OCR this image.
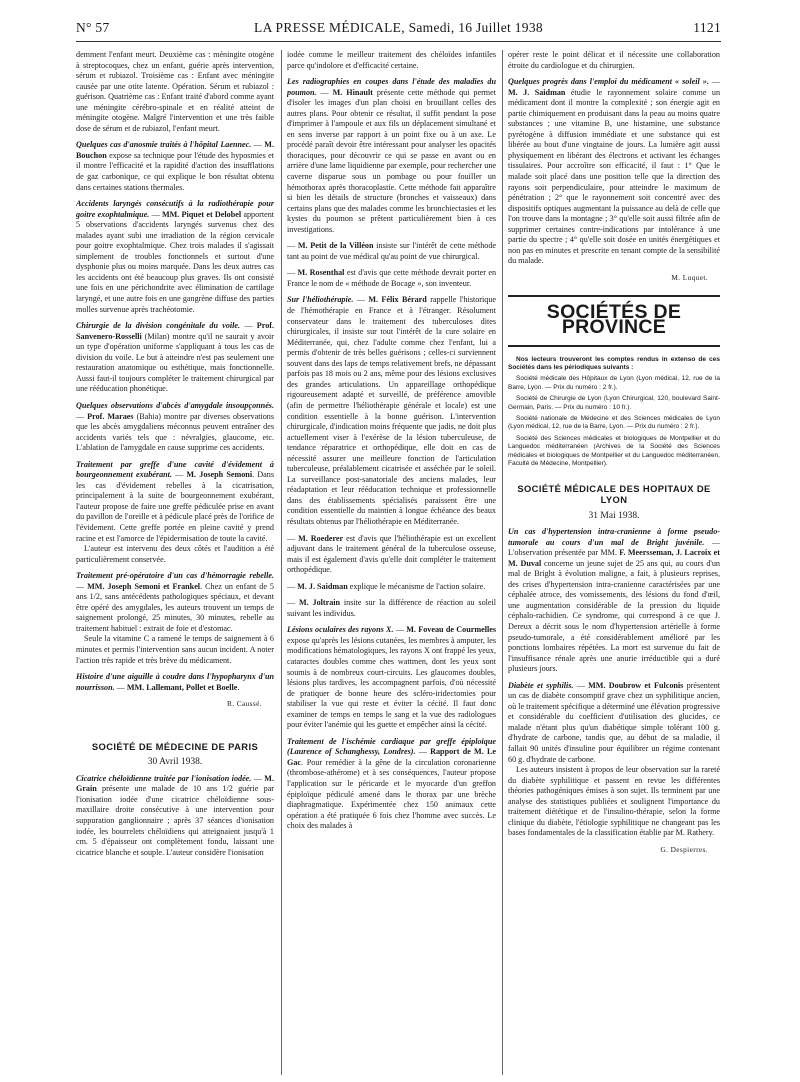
N° 57	LA PRESSE MÉDICALE, Samedi, 16 Juillet 1938	1121

demment l'enfant meurt. Deuxième cas : méningite otogène à streptocoques, chez un enfant, guérie après intervention, sérum et rubiazol. Troisième cas : Enfant avec méningite causée par une otite latente. Opération. Sérum et rubiazol : guérison. Quatrième cas : Enfant traité d'abord comme ayant une méningite cérébro-spinale et en réalité atteint de méningite otogène. Malgré l'intervention et une très faible dose de sérum et de rubiazol, l'enfant meurt.

Quelques cas d'anosmie traités à l'hôpital Laennec. — M. Bouchon expose sa technique pour l'étude des hyposmies et il montre l'efficacité et la rapidité d'action des insufflations de gaz carbonique, ce qui explique le bon résultat obtenu dans certaines stations thermales.

Accidents laryngés consécutifs à la radiothérapie pour goitre exophtalmique. — MM. Piquet et Delobel apportent 5 observations d'accidents laryngés survenus chez des malades ayant subi une irradiation de la région cervicale pour goitre exophtalmique. Chez trois malades il s'agissait simplement de troubles fonctionnels et surtout d'une dysphonie plus ou moins marquée. Dans les deux autres cas les accidents ont été beaucoup plus graves. Ils ont consisté une fois en une périchondrite avec élimination de cartilage laryngé, et une autre fois en une gangrène diffuse des parties molles survenue après trachéotomie.

Chirurgie de la division congénitale du voile. — Prof. Sanvenero-Rosselli (Milan) montre qu'il ne saurait y avoir un type d'opération uniforme s'appliquant à tous les cas de division du voile. Le but à atteindre n'est pas seulement une restauration anatomique ou esthétique, mais fonctionnelle. Aussi faut-il toujours compléter le traitement chirurgical par une rééducation phonétique.

Quelques observations d'abcès d'amygdale insoupçonnés. — Prof. Maraes (Bahia) montre par diverses observations que les abcès amygdaliens méconnus peuvent entraîner des accidents variés tels que : névralgies, glaucome, etc. L'ablation de l'amygdale en cause supprime ces accidents.

Traitement par greffe d'une cavité d'évidement à bourgeonnement exubérant. — M. Joseph Semoni. Dans les cas d'évidement rebelles à la cicatrisation, principalement à la suite de bourgeonnement exubérant, l'auteur propose de faire une greffe pédiculée prise en avant du pavillon de l'oreille et à pédicule placé près de l'orifice de l'évidement. Cette greffe portée en pleine cavité y prend racine et est l'amorce de l'épidermisation de toute la cavité.

L'auteur est intervenu des deux côtés et l'audition a été particulièrement conservée.

Traitement pré-opératoire d'un cas d'hémorragie rebelle. — MM. Joseph Semoni et Frankel. Chez un enfant de 5 ans 1/2, sans antécédents pathologiques spéciaux, et devant être opéré des amygdales, les auteurs trouvent un temps de saignement prolongé, 25 minutes, 30 minutes, rebelle au traitement habituel : extrait de foie et d'estomac.

Seule la vitamine C a ramené le temps de saignement à 6 minutes et permis l'intervention sans aucun incident. A noter l'action très rapide et très brève du médicament.

Histoire d'une aiguille à coudre dans l'hypopharynx d'un nourrisson. — MM. Lallemant, Pollet et Boelle.

R. Caussé.

SOCIÉTÉ DE MÉDECINE DE PARIS

30 Avril 1938.

Cicatrice chéloïdienne traitée par l'ionisation iodée. — M. Grain présente une malade de 10 ans 1/2 guérie par l'ionisation iodée d'une cicatrice chéloïdienne sous-maxillaire droite consécutive à une intervention pour suppuration ganglionnaire ; après 37 séances d'ionisation iodée, les bourrelets chéloïdiens qui atteignaient jusqu'à 1 cm. 5 d'épaisseur ont complètement fondu, laissant une cicatrice blanche et souple. L'auteur considère l'ionisation

iodée comme le meilleur traitement des chéloïdes infantiles parce qu'indolore et d'efficacité certaine.

Les radiographies en coupes dans l'étude des maladies du poumon. — M. Hinault présente cette méthode qui permet d'isoler les images d'un plan choisi en brouillant celles des autres plans. Pour obtenir ce résultat, il suffit pendant la pose d'imprimer à l'ampoule et aux fils un déplacement simultané et en sens inverse par rapport à un point fixe ou à un axe. Le procédé paraît devoir être intéressant pour analyser les opacités thoraciques, pour découvrir ce qui se passe en avant ou en arrière d'une lame liquidienne par exemple, pour rechercher une caverne disparue sous un pombage ou pour fouiller un hémothorax après thoracoplastie. Cette méthode fait apparaître si bien les détails de structure (bronches et vaisseaux) dans certains plans que des malades comme les bronchiectasies et les kystes du poumon se prêtent particulièrement bien à ces investigations.

— M. Petit de la Villéon insiste sur l'intérêt de cette méthode tant au point de vue médical qu'au point de vue chirurgical.

— M. Rosenthal est d'avis que cette méthode devrait porter en France le nom de « méthode de Bocage », son inventeur.

Sur l'héliothérapie. — M. Félix Bérard rappelle l'historique de l'hémothérapie en France et à l'étranger. Résolument conservateur dans le traitement des tuberculoses dites chirurgicales, il insiste sur tout l'intérêt de la cure solaire en Méditerranée, qui, chez l'adulte comme chez l'enfant, lui a permis d'obtenir de très belles guérisons ; celles-ci surviennent souvent dans des laps de temps relativement brefs, ne dépassant parfois pas 18 mois ou 2 ans, même pour des lésions exclusives des grandes articulations. Un appareillage orthopédique rigoureusement adapté et surveillé, de préférence amovible (afin de permettre l'héliothérapie générale et locale) est une condition essentielle à la bonne guérison. L'intervention chirurgicale, d'indication moins fréquente que jadis, ne doit plus actuellement viser à l'exérèse de la lésion tuberculeuse, de tendance réparatrice et orthopédique, elle doit en cas de nécessité assurer une meilleure fonction de l'articulation tuberculeuse, préalablement cicatrisée et asséchée par le soleil. La surveillance post-sanatoriale des anciens malades, leur réadaptation et leur rééducation technique et professionnelle dans des établissements spécialisés paraissent être une condition essentielle du maintien à longue échéance des beaux résultats obtenus par l'héliothérapie en Méditerranée.

— M. Roederer est d'avis que l'héliothérapie est un excellent adjuvant dans le traitement général de la tuberculose osseuse, mais il est également d'avis qu'elle doit compléter le traitement orthopédique.

— M. J. Saidman explique le mécanisme de l'action solaire.

— M. Joltrain insite sur la différence de réaction au soleil suivant les individus.

Lésions oculaires des rayons X. — M. Foveau de Courmelles expose qu'après les lésions cutanées, les membres à amputer, les modifications hématologiques, les rayons X ont frappé les yeux, cataractes doubles comme ches wattmen, dont les yeux sont soumis à de nombreux court-circuits. Les glaucomes doubles, lésions plus tardives, les accompagnent parfois, d'où nécessité de pratiquer de bonne heure des scléro-iridectomies pour stabiliser la vue qui reste et éviter la cécité. Il faut donc examiner de temps en temps le sang et la vue des radiologues pour éviter l'anémie qui les guette et empêcher ainsi la cécité.

Traitement de l'ischémie cardiaque par greffe épiploïque (Laurence of Schanghessy, Londres). — Rapport de M. Le Gac. Pour remédier à la gêne de la circulation coronarienne (thrombose-athérome) et à ses conséquences, l'auteur propose l'application sur le péricarde et le myocarde d'un greffon épiploïque pédiculé amené dans le thorax par une brèche diaphragmatique. Expérimentée chez 150 animaux cette opération a été pratiquée 6 fois chez l'homme avec succès. Le choix des malades à

opérer reste le point délicat et il nécessite une collaboration étroite du cardiologue et du chirurgien.

Quelques progrès dans l'emploi du médicament « soleil ». — M. J. Saidman étudie le rayonnement solaire comme un médicament dont il montre la complexité ; son énergie agit en partie chimiquement en produisant dans la peau au moins quatre substances ; une vitamine B, une histamine, une substance pyrétogène à diffusion immédiate et une substance qui est libérée au bout d'une vingtaine de jours. La lumière agit aussi physiquement en libérant des électrons et activant les échanges tissulaires. Pour accroître son efficacité, il faut : 1° Que le malade soit placé dans une position telle que la direction des rayons soit perpendiculaire, pour atteindre le maximum de pénétration ; 2° que le rayonnement soit concentré avec des dispositifs optiques augmentant la puissance au delà de celle que l'on trouve dans la montagne ; 3° qu'elle soit aussi filtrée afin de supprimer certaines contre-indications par intolérance à une partie du spectre ; 4° qu'elle soit dosée en unités énergétiques et non pas en minutes et prescrite en tenant compte de la sensibilité du malade.

M. Luquet.

SOCIÉTÉS DE PROVINCE

Nos lecteurs trouveront les comptes rendus in extenso de ces Sociétés dans les périodiques suivants :

Société médicale des Hôpitaux de Lyon (Lyon médical, 12, rue de la Barre, Lyon. — Prix du numéro : 2 fr.).

Société de Chirurgie de Lyon (Lyon Chirurgical, 120, boulevard Saint-Germain, Paris. — Prix du numéro : 10 fr.).

Société nationale de Médecine et des Sciences médicales de Lyon (Lyon médical, 12, rue de la Barre, Lyon. — Prix du numéro : 2 fr.).

Société des Sciences médicales et biologiques de Montpellier et du Languedoc méditerranéen (Archives de la Société des Sciences médicales et biologiques de Montpellier et du Languedoc méditerranéen, Faculté de Médecine, Montpellier).

SOCIÉTÉ MÉDICALE DES HOPITAUX DE LYON

31 Mai 1938.

Un cas d'hypertension intra-cranienne à forme pseudo-tumorale au cours d'un mal de Bright juvénile. — L'observation présentée par MM. F. Meersseman, J. Lacroix et M. Duval concerne un jeune sujet de 25 ans qui, au cours d'un mal de Bright à évolution maligne, a fait, à plusieurs reprises, des crises d'hypertension intra-cranienne caractérisées par une céphalée atroce, des vomissements, des lésions du fond d'œil, une augmentation considérable de la pression du liquide céphalo-rachidien. Ce syndrome, qui correspond à ce que J. Dereux a décrit sous le nom d'hypertension artérielle à forme pseudo-tumorale, a été considérablement amélioré par les ponctions lombaires répétées. La mort est survenue du fait de l'insuffisance rénale après une anurie irréductible qui a duré plusieurs jours.

Diabète et syphilis. — MM. Doubrow et Fulconis présentent un cas de diabète consomptif grave chez un syphilitique ancien, où le traitement spécifique a déterminé une élévation progressive et considérable du coefficient d'utilisation des glucides, ce malade n'étant plus qu'un diabétique simple tolérant 100 g. d'hydrate de carbone, tandis que, au début de sa maladie, il fallait 90 unités d'insuline pour équilibrer un régime contenant 60 g. d'hydrate de carbone.

Les auteurs insistent à propos de leur observation sur la rareté du diabète syphilitique et passent en revue les différentes théories pathogéniques émises à son sujet. Ils terminent par une analyse des statistiques publiées et soulignent l'importance du traitement diététique et de l'insulino-thérapie, selon la forme clinique du diabète, l'étiologie syphilitique ne changeant pas les bases fondamentales de la classification établie par M. Rathery.

G. Despierres.
